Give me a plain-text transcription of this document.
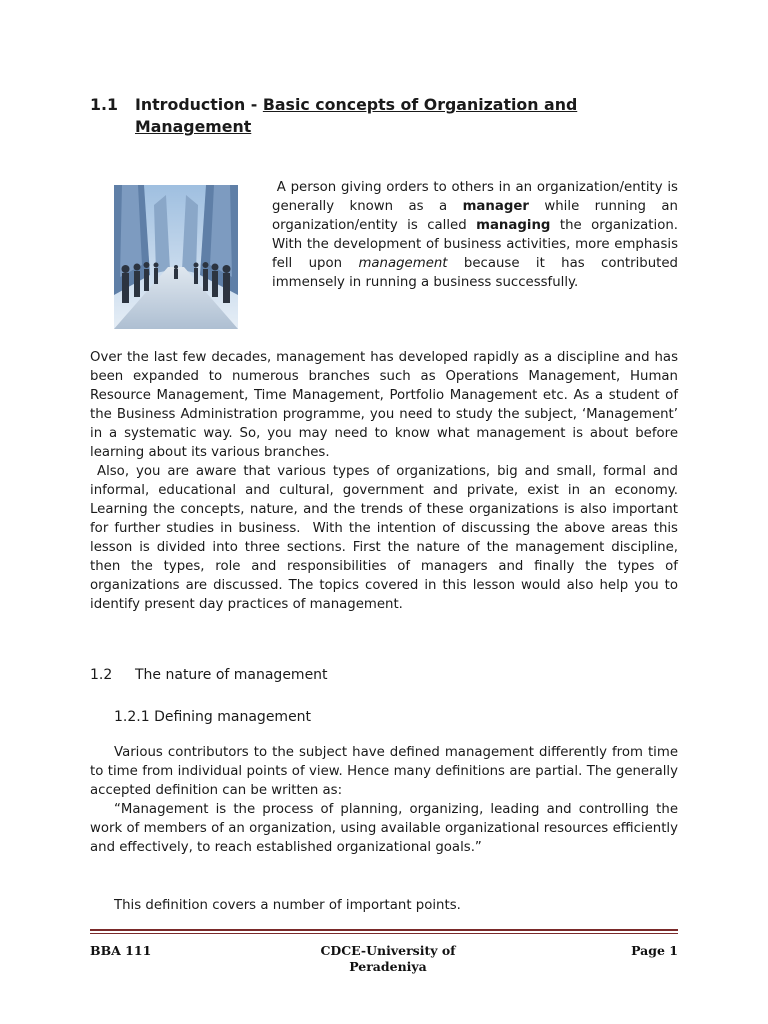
1.1 Introduction - Basic concepts of Organization and
Management
A person giving orders to others in an organization/entity is generally known as a manager while running an organization/entity is called managing the organization. With the development of business activities, more emphasis fell upon management because it has contributed immensely in running a business successfully.

Over the last few decades, management has developed rapidly as a discipline and has been expanded to numerous branches such as Operations Management, Human Resource Management, Time Management, Portfolio Management etc. As a student of the Business Administration programme, you need to study the subject, ‘Management’ in a systematic way. So, you may need to know what management is about before learning about its various branches.

Also, you are aware that various types of organizations, big and small, formal and informal, educational and cultural, government and private, exist in an economy. Learning the concepts, nature, and the trends of these organizations is also important for further studies in business.  With the intention of discussing the above areas this lesson is divided into three sections. First the nature of the management discipline, then the types, role and responsibilities of managers and finally the types of organizations are discussed. The topics covered in this lesson would also help you to identify present day practices of management.

1.2 The nature of management
1.2.1 Defining management

Various contributors to the subject have defined management differently from time to time from individual points of view. Hence many definitions are partial. The generally accepted definition can be written as:

“Management is the process of planning, organizing, leading and controlling the work of members of an organization, using available organizational resources efficiently and effectively, to reach established organizational goals.”

This definition covers a number of important points.
BBA 111	CDCE-University of Peradeniya
Page 1
